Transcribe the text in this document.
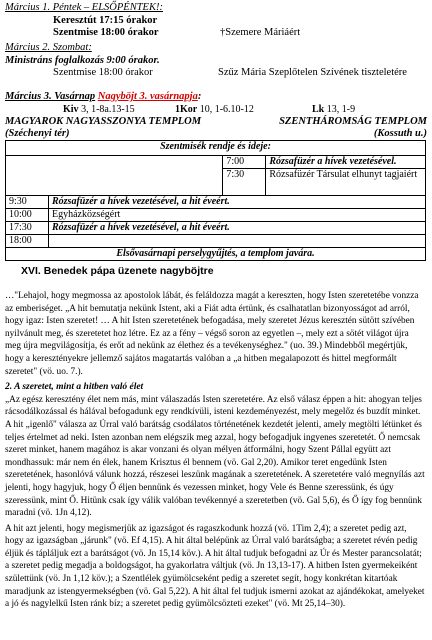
Március 1. Péntek – ELSŐPÉNTEK!:
Keresztút 17:15 órakor
Szentmise 18:00 órakor	†Szemere Máriáért
Március 2. Szombat:
Ministráns foglalkozás 9:00 órakor.
Szentmise 18:00 órakor	Szűz Mária Szeplőtelen Szívének tiszteletére
Március 3. Vasárnap Nagyböjt 3. vasárnapja:
Kiv 3, 1-8a.13-15	1Kor 10, 1-6.10-12	Lk 13, 1-9
MAGYAROK NAGYASSZONYA TEMPLOM
(Széchenyi tér)
SZENTHÁROMSÁG TEMPLOM
(Kossuth u.)
Szentmisék rendje és ideje:			
		7:00	Rózsafüzér a hívek vezetésével.
		7:30	Rózsafüzér Társulat elhunyt tagjaiért
9:30	Rózsafüzér a hívek vezetésével, a hit éveért.		
10:00	Egyházközségért		
17:30	Rózsafüzér a hívek vezetésével, a hit éveért.		
18:00			
Elsővasárnapi perselygyűjtés, a templom javára.			
XVI. Benedek pápa üzenete nagyböjtre

…"Lehajol, hogy megmossa az apostolok lábát, és feláldozza magát a kereszten, hogy Isten szeretetébe vonzza az emberiséget. „A hit bemutatja nekünk Istent, aki a Fiát adta értünk, és csalhatatlan bizonyosságot ad arról, hogy igaz: Isten szeretet! … A hit Isten szeretetének befogadása, mely szeretet Jézus keresztén sütött szívében nyilvánult meg, és szeretetet hoz létre. Ez az a fény – végső soron az egyetlen –, mely ezt a sötét világot újra meg újra megvilágosítja, és erőt ad nekünk az élethez és a tevékenységhez." (uo. 39.) Mindebből megértjük, hogy a keresztényekre jellemző sajátos magatartás valóban a „a hitben megalapozott és hittel megformált szeretet" (vö. uo. 7.).

2. A szeretet, mint a hitben való élet

„Az egész keresztény élet nem más, mint válaszadás Isten szeretetére. Az első válasz éppen a hit: ahogyan teljes rácsodálkozással és hálával befogadunk egy rendkívüli, isteni kezdeményezést, mely megelőz és buzdít minket. A hit „igenlő" válasza az Úrral való barátság csodálatos történetének kezdetét jelenti, amely megtölti létünket és teljes értelmet ad neki. Isten azonban nem elégszik meg azzal, hogy befogadjuk ingyenes szeretetét. Ő nemcsak szeret minket, hanem magához is akar vonzani és olyan mélyen átformálni, hogy Szent Pállal együtt azt mondhassuk: már nem én élek, hanem Krisztus él bennem (vö. Gal 2,20). Amikor teret engedünk Isten szeretetének, hasonlóvá válunk hozzá, részesei leszünk magának a szeretetének. A szeretetére való megnyílás azt jelenti, hogy hagyjuk, hogy Ő éljen bennünk és vezessen minket, hogy Vele és Benne szeressünk, és úgy szeressünk, mint Ő. Hitünk csak így válik valóban tevékennyé a szeretetben (vö. Gal 5,6), és Ő így fog bennünk maradni (vö. 1Jn 4,12).

A hit azt jelenti, hogy megismerjük az igazságot és ragaszkodunk hozzá (vö. 1Tim 2,4); a szeretet pedig azt, hogy az igazságban „járunk" (vö. Ef 4,15). A hit által belépünk az Úrral való barátságba; a szeretet révén pedig éljük és tápláljuk ezt a barátságot (vö. Jn 15,14 köv.). A hit által tudjuk befogadni az Úr és Mester parancsolatát; a szeretet pedig megadja a boldogságot, ha gyakorlatra váltjuk (vö. Jn 13,13-17). A hitben Isten gyermekeiként születtünk (vö. Jn 1,12 köv.); a Szentlélek gyümölcseként pedig a szeretet segít, hogy konkrétan kitartóak maradjunk az istengyermekségben (vö. Gal 5,22). A hit által fel tudjuk ismerni azokat az ajándékokat, amelyeket a jó és nagylelkű Isten ránk bíz; a szeretet pedig gyümölcsözteti ezeket" (vö. Mt 25,14–30).
